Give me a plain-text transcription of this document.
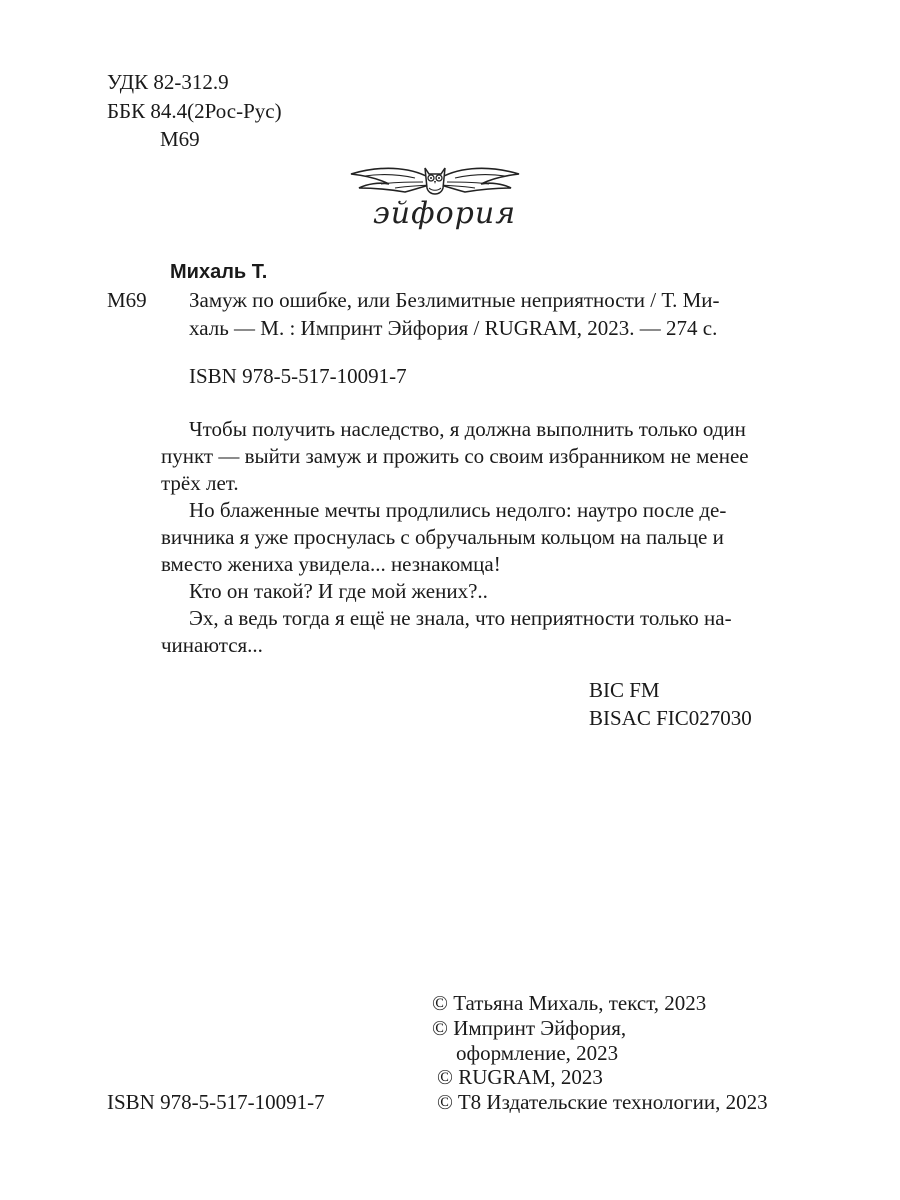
УДК 82-312.9
ББК 84.4(2Рос-Рус)
М69
эйфория
Михаль Т.
М69 Замуж по ошибке, или Безлимитные неприятности / Т. Ми-
халь — М. : Импринт Эйфория / RUGRAM, 2023. — 274 с.
ISBN 978-5-517-10091-7
Чтобы получить наследство, я должна выполнить только один
пункт — выйти замуж и прожить со своим избранником не менее
трёх лет.
Но блаженные мечты продлились недолго: наутро после де-
вичника я уже проснулась с обручальным кольцом на пальце и
вместо жениха увидела... незнакомца!
Кто он такой? И где мой жених?..
Эх, а ведь тогда я ещё не знала, что неприятности только на-
чинаются...
BIC FM
BISAC FIC027030
© Татьяна Михаль, текст, 2023
© Импринт Эйфория,
оформление, 2023
© RUGRAM, 2023
ISBN 978-5-517-10091-7	© T8 Издательские технологии, 2023
